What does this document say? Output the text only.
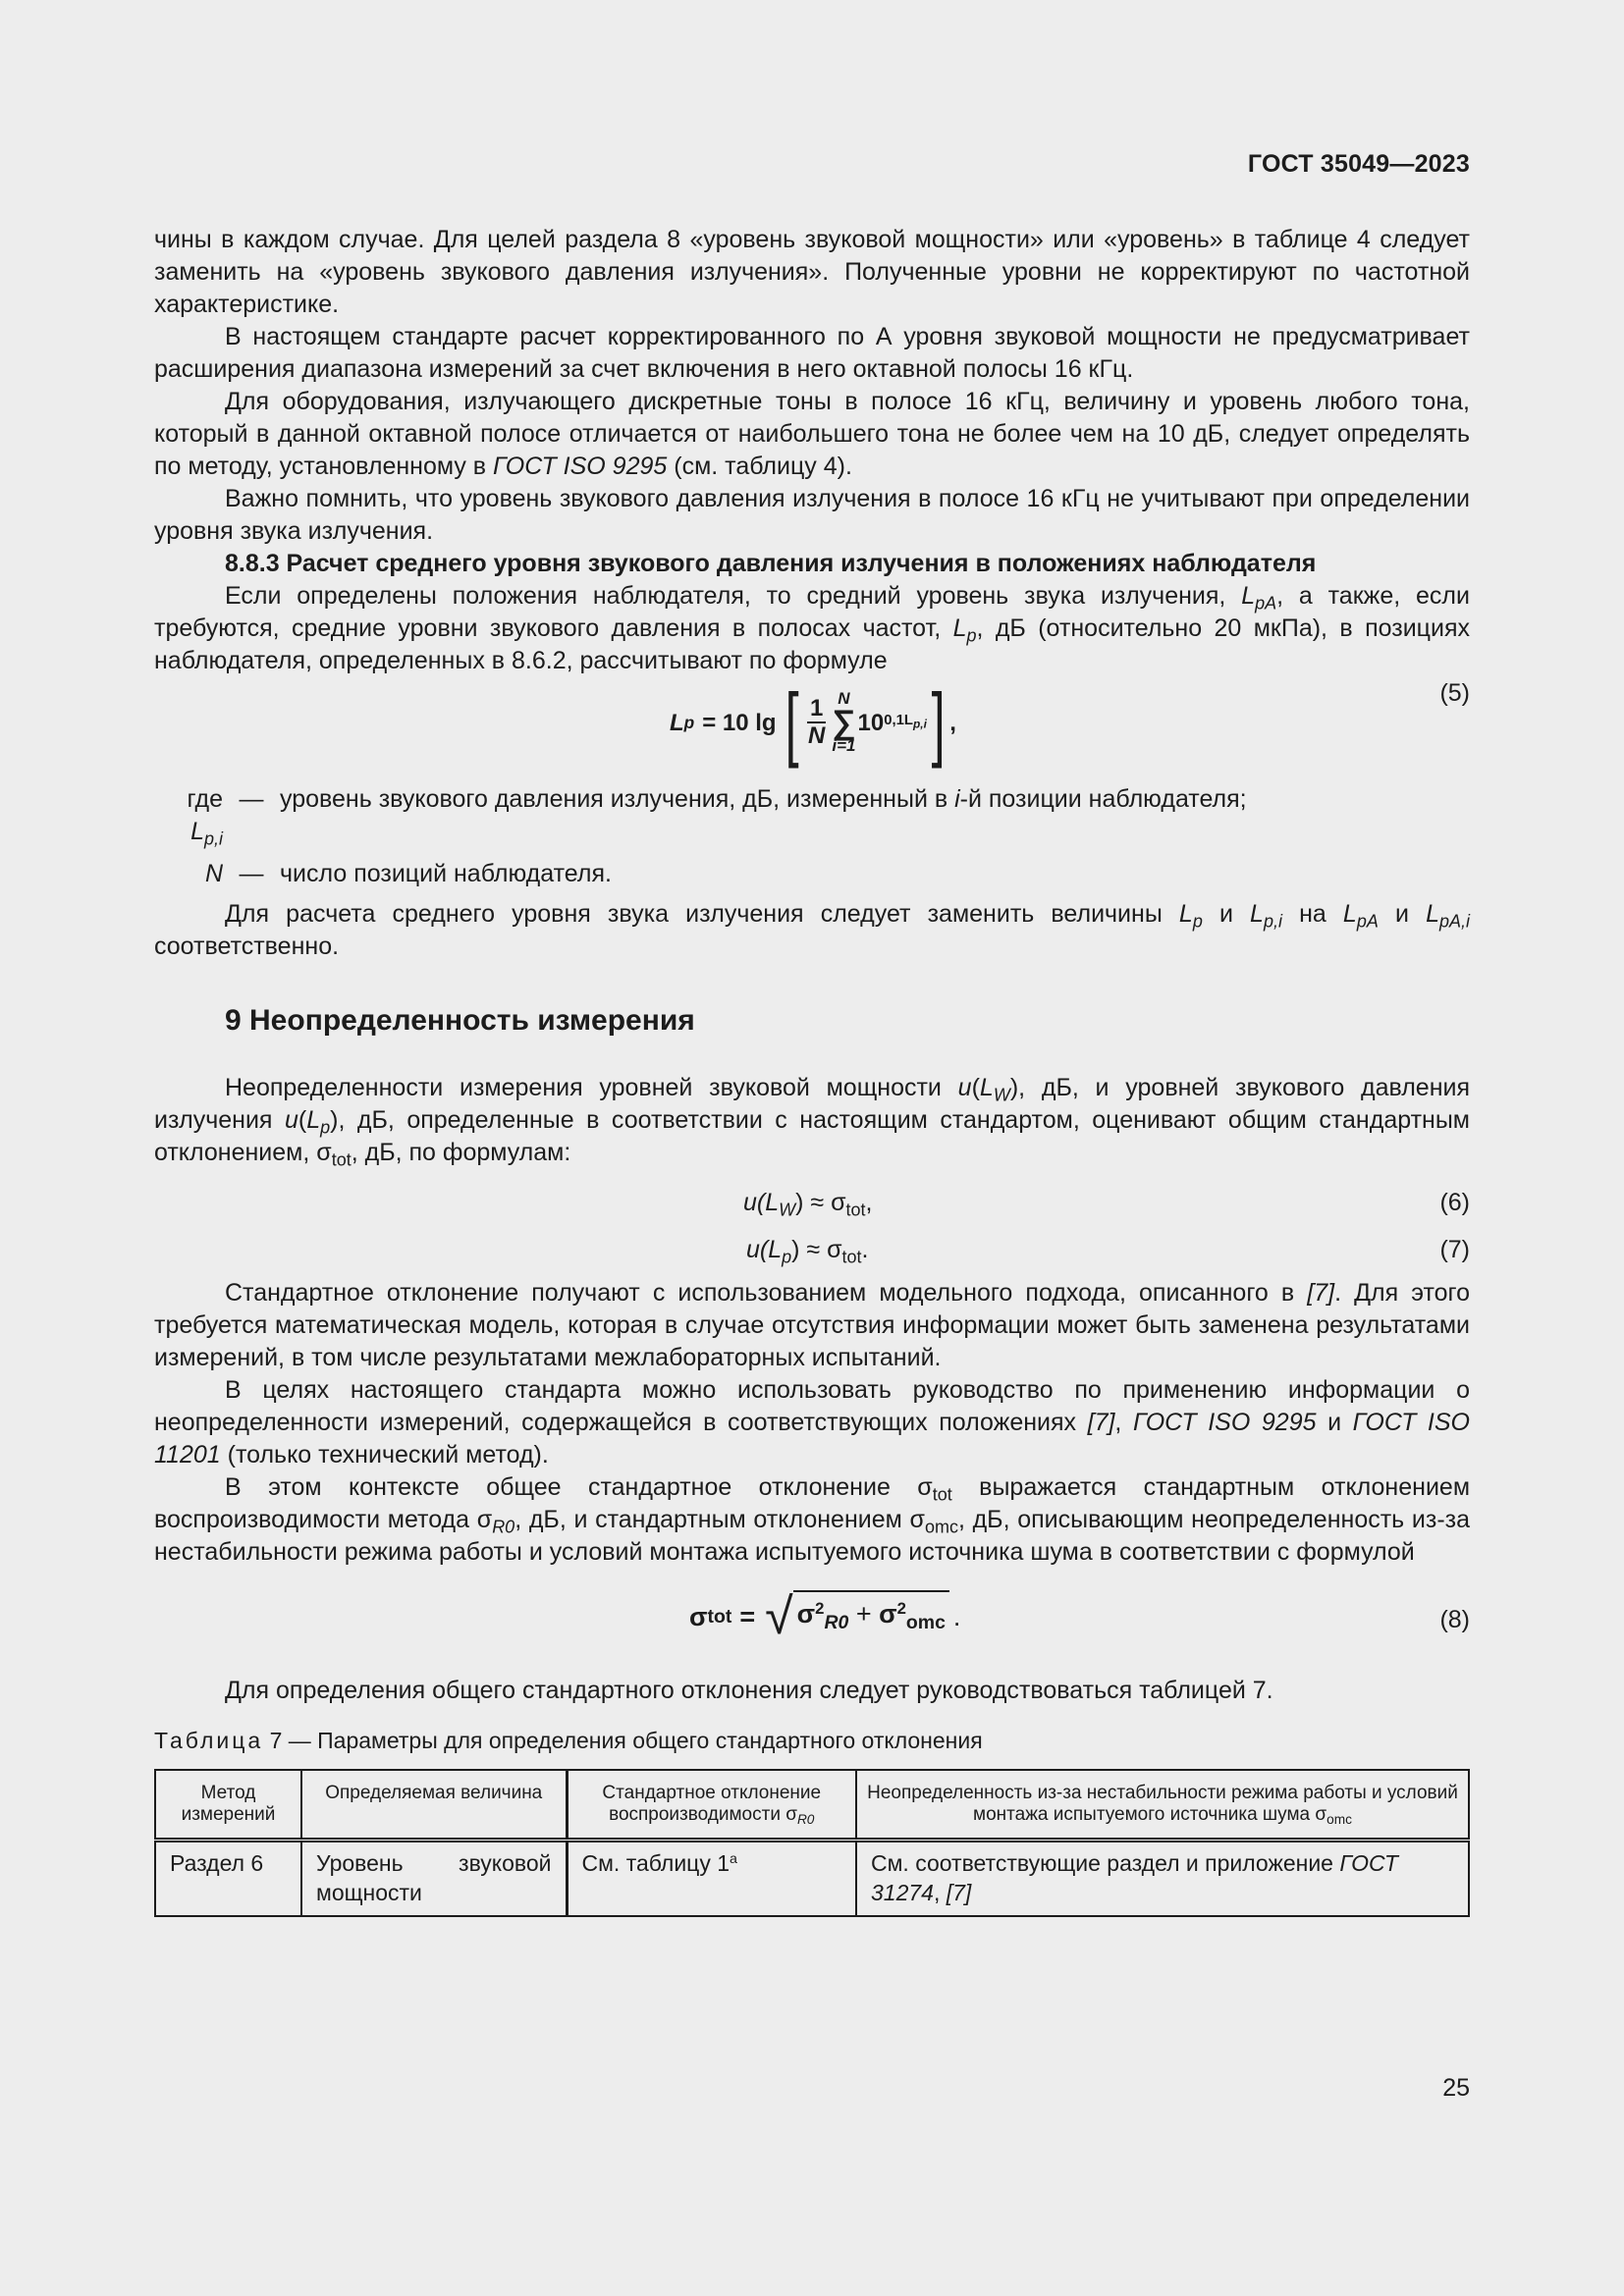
ГОСТ 35049—2023

чины в каждом случае. Для целей раздела 8 «уровень звуковой мощности» или «уровень» в таблице 4 следует заменить на «уровень звукового давления излучения». Полученные уровни не корректируют по частотной характеристике.

В настоящем стандарте расчет корректированного по А уровня звуковой мощности не предусматривает расширения диапазона измерений за счет включения в него октавной полосы 16 кГц.

Для оборудования, излучающего дискретные тоны в полосе 16 кГц, величину и уровень любого тона, который в данной октавной полосе отличается от наибольшего тона не более чем на 10 дБ, следует определять по методу, установленному в ГОСТ ISO 9295 (см. таблицу 4).

Важно помнить, что уровень звукового давления излучения в полосе 16 кГц не учитывают при определении уровня звука излучения.

8.8.3 Расчет среднего уровня звукового давления излучения в положениях наблюдателя

Если определены положения наблюдателя, то средний уровень звука излучения, $L_{pA}$, а также, если требуются, средние уровни звукового давления в полосах частот, $L_p$, дБ (относительно 20 мкПа), в позициях наблюдателя, определенных в 8.6.2, рассчитывают по формуле

L p = 10 lg [ $\frac{1}{N}$ N
∑
i=1
10 $0,1L_{p,i}$ ] ,
(5)
где $L_{p,i}$
— уровень звукового давления излучения, дБ, измеренный в i-й позиции наблюдателя;
N — число позиций наблюдателя.

Для расчета среднего уровня звука излучения следует заменить величины $L_p$ и $L_{p,i}$ на $L_{pA}$ и $L_{pA,i}$ соответственно.

9 Неопределенность измерения

Неопределенности измерения уровней звуковой мощности $u(L_W)$, дБ, и уровней звукового давления излучения $u(L_p)$, дБ, определенные в соответствии с настоящим стандартом, оценивают общим стандартным отклонением, $\sigma_{tot}$, дБ, по формулам:

$u(L_W) \approx \sigma_{tot}$,	(6)
$u(L_p) \approx \sigma_{tot}$.	(7)

Стандартное отклонение получают с использованием модельного подхода, описанного в [7]. Для этого требуется математическая модель, которая в случае отсутствия информации может быть заменена результатами измерений, в том числе результатами межлабораторных испытаний.

В целях настоящего стандарта можно использовать руководство по применению информации о неопределенности измерений, содержащейся в соответствующих положениях [7], ГОСТ ISO 9295 и ГОСТ ISO 11201 (только технический метод).

В этом контексте общее стандартное отклонение $\sigma_{tot}$ выражается стандартным отклонением воспроизводимости метода $\sigma_{R0}$, дБ, и стандартным отклонением $\sigma_{omc}$, дБ, описывающим неопределенность из-за нестабильности режима работы и условий монтажа испытуемого источника шума в соответствии с формулой

σ tot = √ $\sigma^2_{R0} + \sigma^2_{omc}$ .	(8)

Для определения общего стандартного отклонения следует руководствоваться таблицей 7.

Таблица 7 — Параметры для определения общего стандартного отклонения
Метод измерений	Определяемая величина	Стандартное отклонение воспроизводимости $\sigma_{R0}$	Неопределенность из-за нестабильности режима работы и условий монтажа испытуемого источника шума $\sigma_{omc}$
Раздел 6	Уровень звуковой
мощности	См. таблицу 1$^a$	См. соответствующие раздел и приложение ГОСТ 31274, [7]
25
